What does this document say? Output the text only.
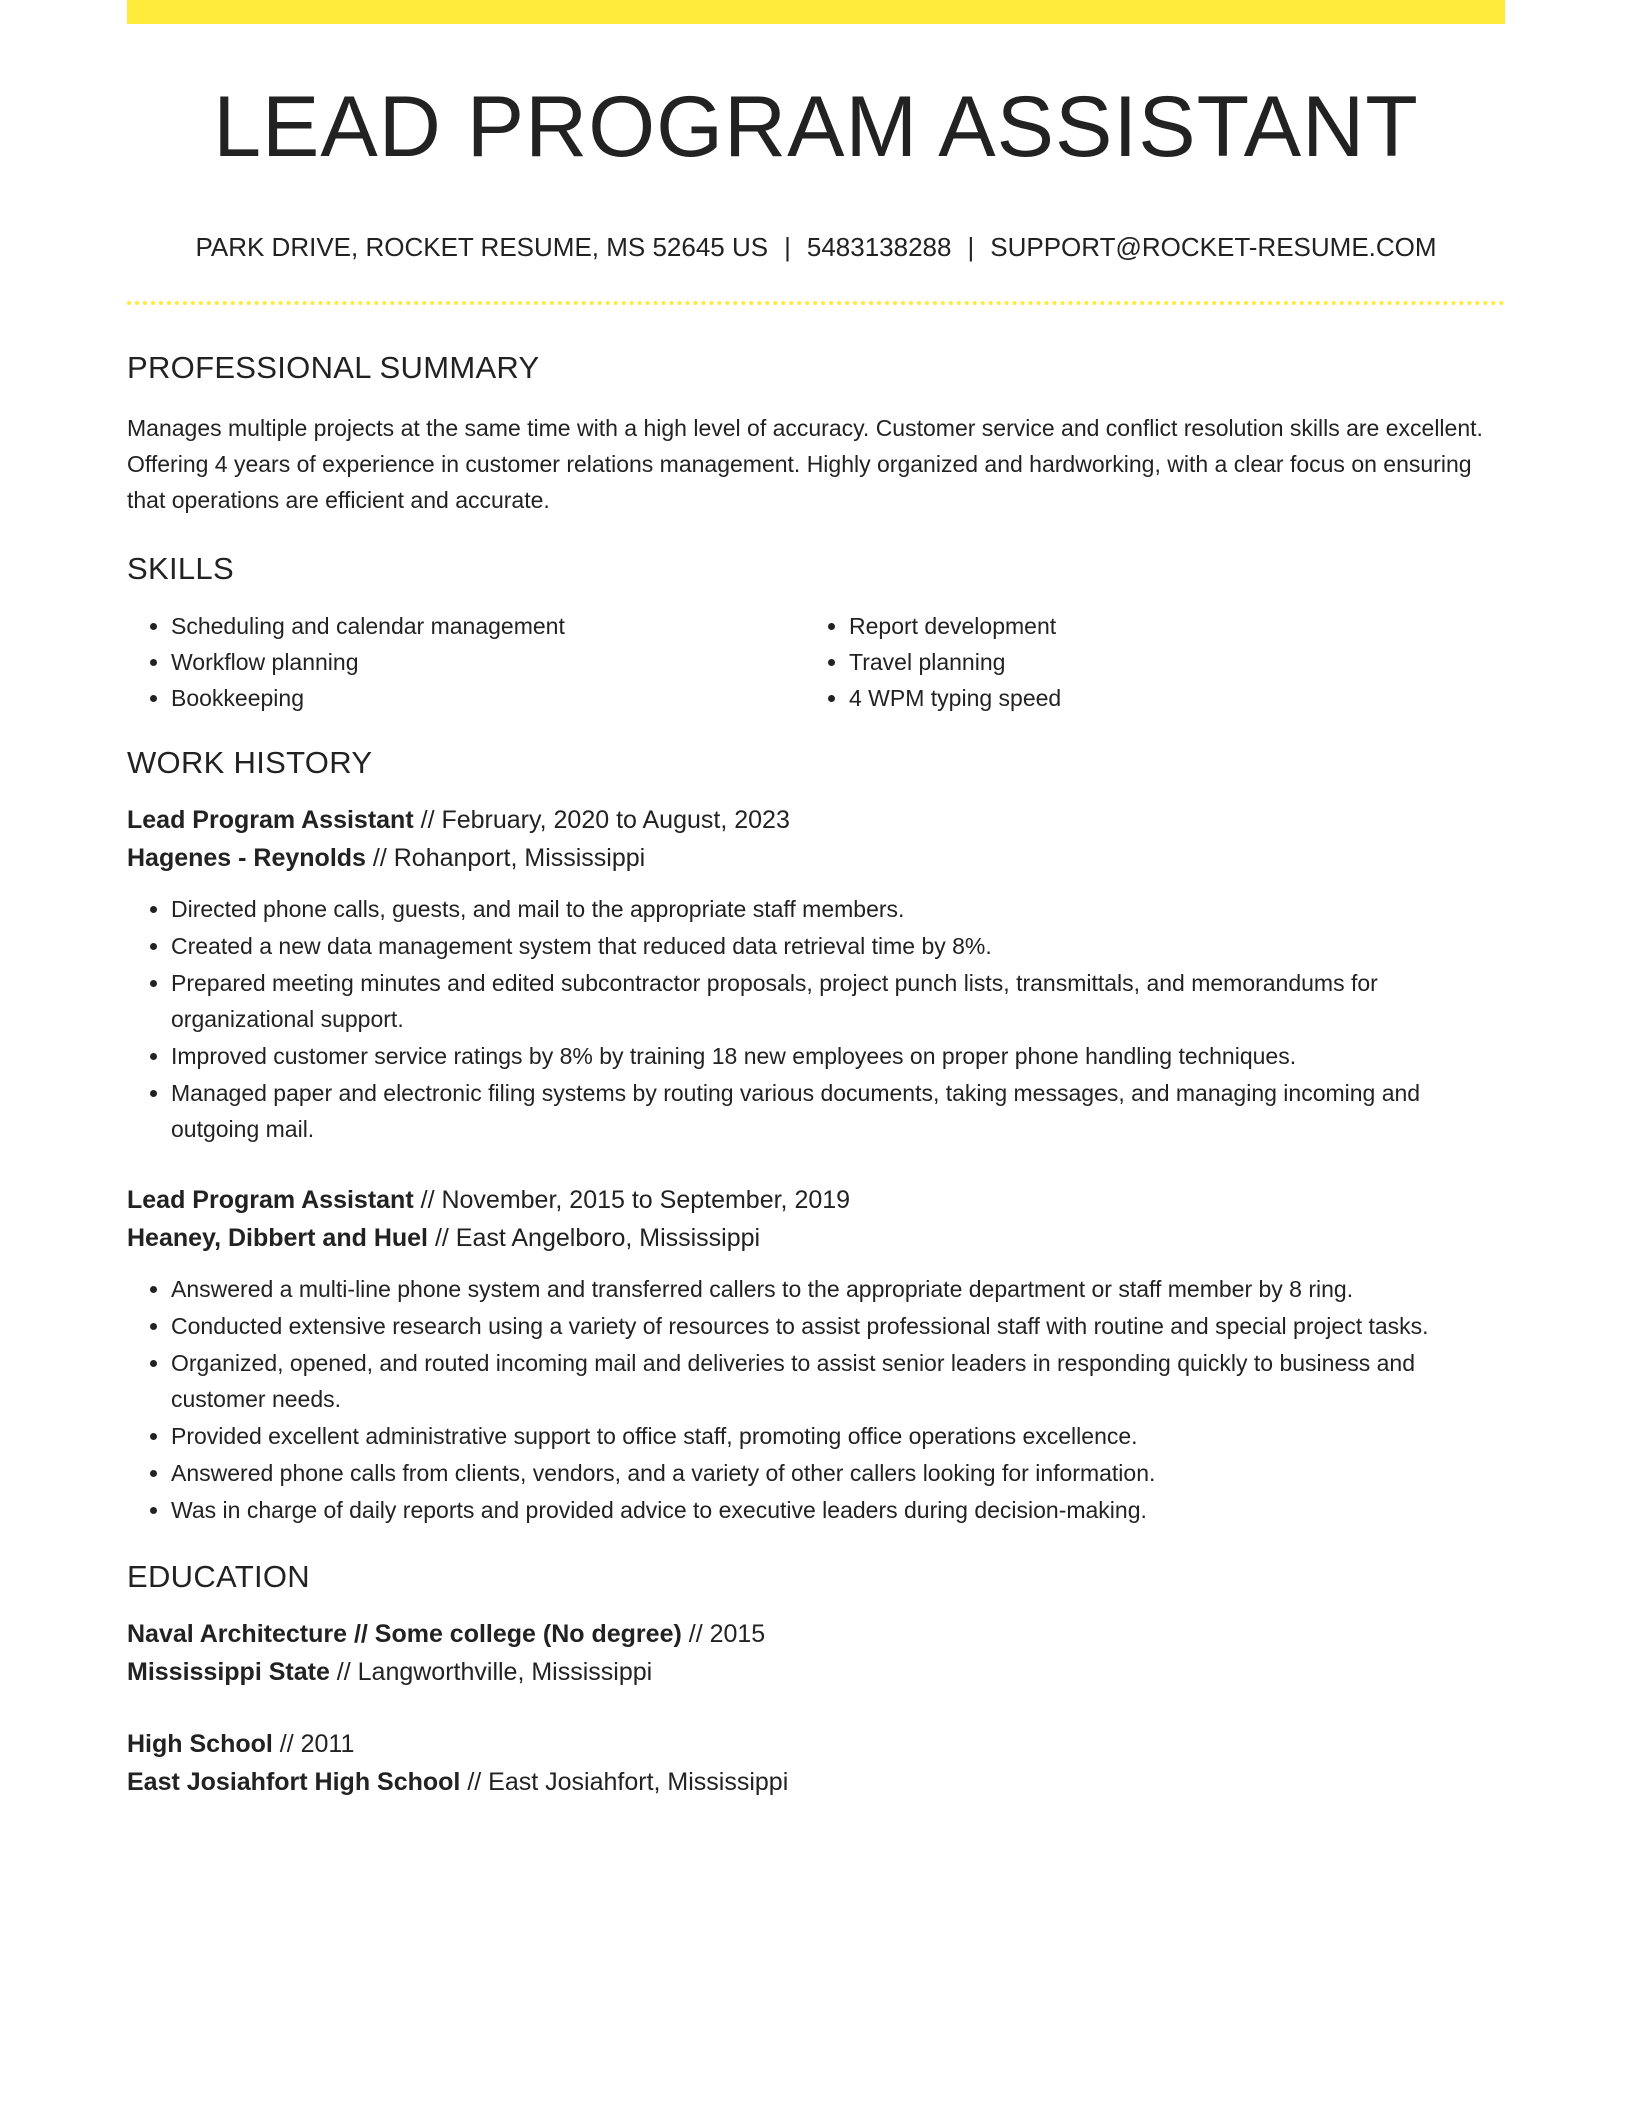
LEAD PROGRAM ASSISTANT
PARK DRIVE, ROCKET RESUME, MS 52645 US | 5483138288 | SUPPORT@ROCKET-RESUME.COM
PROFESSIONAL SUMMARY
Manages multiple projects at the same time with a high level of accuracy. Customer service and conflict resolution skills are excellent. Offering 4 years of experience in customer relations management. Highly organized and hardworking, with a clear focus on ensuring that operations are efficient and accurate.
SKILLS
• Scheduling and calendar management
• Workflow planning
• Bookkeeping
• Report development
• Travel planning
• 4 WPM typing speed
WORK HISTORY
Lead Program Assistant // February, 2020 to August, 2023
Hagenes - Reynolds // Rohanport, Mississippi
• Directed phone calls, guests, and mail to the appropriate staff members.
• Created a new data management system that reduced data retrieval time by 8%.
• Prepared meeting minutes and edited subcontractor proposals, project punch lists, transmittals, and memorandums for organizational support.
• Improved customer service ratings by 8% by training 18 new employees on proper phone handling techniques.
• Managed paper and electronic filing systems by routing various documents, taking messages, and managing incoming and outgoing mail.
Lead Program Assistant // November, 2015 to September, 2019
Heaney, Dibbert and Huel // East Angelboro, Mississippi
• Answered a multi-line phone system and transferred callers to the appropriate department or staff member by 8 ring.
• Conducted extensive research using a variety of resources to assist professional staff with routine and special project tasks.
• Organized, opened, and routed incoming mail and deliveries to assist senior leaders in responding quickly to business and customer needs.
• Provided excellent administrative support to office staff, promoting office operations excellence.
• Answered phone calls from clients, vendors, and a variety of other callers looking for information.
• Was in charge of daily reports and provided advice to executive leaders during decision-making.
EDUCATION
Naval Architecture // Some college (No degree) // 2015
Mississippi State // Langworthville, Mississippi
High School // 2011
East Josiahfort High School // East Josiahfort, Mississippi
